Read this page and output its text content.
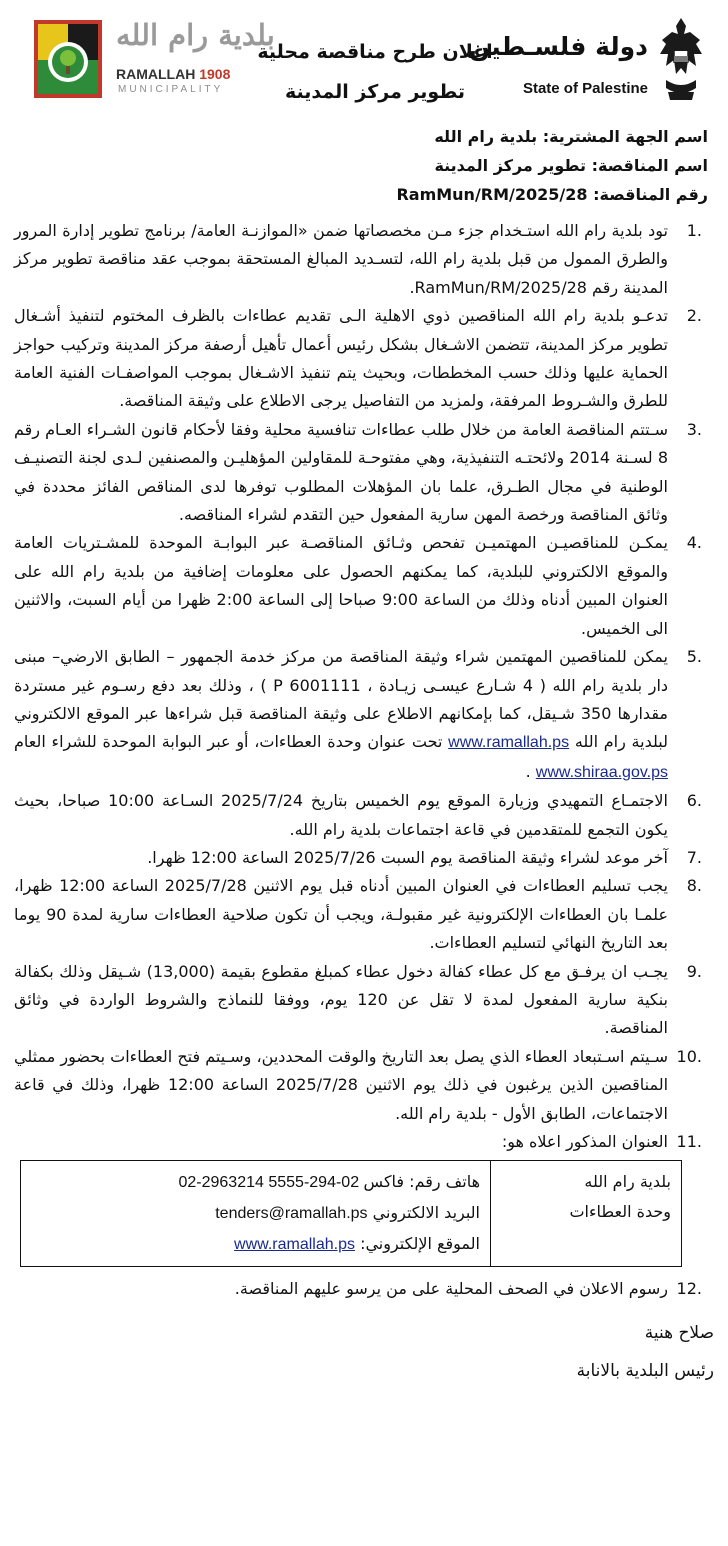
دولة فلسـطين
State of Palestine
اعلان طرح مناقصة محلية
تطوير مركز المدينة
بلدية رام الله
RAMALLAH 1908
MUNICIPALITY
اسم الجهة المشترية: بلدية رام الله
اسم المناقصة: تطوير مركز المدينة
رقم المناقصة: RamMun/RM/2025/28
1.
تود بلدية رام الله استـخدام جزء مـن مخصصاتها ضمن «الموازنـة العامة/ برنامج تطوير إدارة المرور والطرق الممول من قبل بلدية رام الله، لتسـديد المبالغ المستحقة بموجب عقد مناقصة تطوير مركز المدينة رقم RamMun/RM/2025/28.
2.
تدعـو بلدية رام الله المناقصين ذوي الاهلية الـى تقديم عطاءات بالظرف المختوم لتنفيذ أشـغال تطوير مركز المدينة، تتضمن الاشـغال بشكل رئيس أعمال تأهيل أرصفة مركز المدينة وتركيب حواجز الحماية عليها وذلك حسب المخططات، وبحيث يتم تنفيذ الاشـغال بموجب المواصفـات الفنية العامة للطرق والشـروط المرفقة، ولمزيد من التفاصيل يرجى الاطلاع على وثيقة المناقصة.
3.
سـتتم المناقصة العامة من خلال طلب عطاءات تنافسية محلية وفقا لأحكام قانون الشـراء العـام رقم 8 لسـنة 2014 ولائحتـه التنفيذية، وهي مفتوحـة للمقاولين المؤهليـن والمصنفين لـدى لجنة التصنيـف الوطنية في مجال الطـرق، علما بان المؤهلات المطلوب توفرها لدى المناقص الفائز محددة في وثائق المناقصة ورخصة المهن سارية المفعول حين التقدم لشراء المناقصه.
4.
يمكـن للمناقصيـن المهتميـن تفحص وثـائق المناقصـة عبر البوابـة الموحدة للمشـتريات العامة والموقع الالكتروني للبلدية، كما يمكنهم الحصول على معلومات إضافية من بلدية رام الله على العنوان المبين أدناه وذلك من الساعة 9:00 صباحا إلى الساعة 2:00 ظهرا من أيام السبت، والاثنين الى الخميس.
5.
يمكن للمناقصين المهتمين شراء وثيقة المناقصة من مركز خدمة الجمهور – الطابق الارضي– مبنى دار بلدية رام الله ( 4 شـارع عيسـى زيـادة ، P 6001111 ) ، وذلك بعد دفع رسـوم غير مستردة مقدارها 350 شـيقل، كما بإمكانهم الاطلاع على وثيقة المناقصة قبل شراءها عبر الموقع الالكتروني لبلدية رام الله www.ramallah.ps تحت عنوان وحدة العطاءات، أو عبر البوابة الموحدة للشراء العام www.shiraa.gov.ps .
6.
الاجتمـاع التمهيدي وزيارة الموقع يوم الخميس بتاريخ 2025/7/24 السـاعة 10:00 صباحا، بحيث يكون التجمع للمتقدمين في قاعة اجتماعات بلدية رام الله.
7.
آخر موعد لشراء وثيقة المناقصة يوم السبت 2025/7/26 الساعة 12:00 ظهرا.
8.
يجب تسليم العطاءات في العنوان المبين أدناه قبل يوم الاثنين 2025/7/28 الساعة 12:00 ظهرا، علمـا بان العطاءات الإلكترونية غير مقبولـة، ويجب أن تكون صلاحية العطاءات سارية لمدة 90 يوما بعد التاريخ النهائي لتسليم العطاءات.
9.
يجـب ان يرفـق مع كل عطاء كفالة دخول عطاء كمبلغ مقطوع بقيمة (13,000) شـيقل وذلك بكفالة بنكية سارية المفعول لمدة لا تقل عن 120 يوم، ووفقا للنماذج والشروط الواردة في وثائق المناقصة.
10.
سـيتم اسـتبعاد العطاء الذي يصل بعد التاريخ والوقت المحددين، وسـيتم فتح العطاءات بحضور ممثلي المناقصين الذين يرغبون في ذلك يوم الاثنين 2025/7/28 الساعة 12:00 ظهرا، وذلك في قاعة الاجتماعات، الطابق الأول - بلدية رام الله.
11.
العنوان المذكور اعلاه هو:
بلدية رام الله
وحدة العطاءات

هاتف رقم: 02-2963214 فاكس 02-294-5555
البريد الالكتروني tenders@ramallah.ps
الموقع الإلكتروني: www.ramallah.ps
12.
رسوم الاعلان في الصحف المحلية على من يرسو عليهم المناقصة.
صلاح هنية
رئيس البلدية بالانابة
